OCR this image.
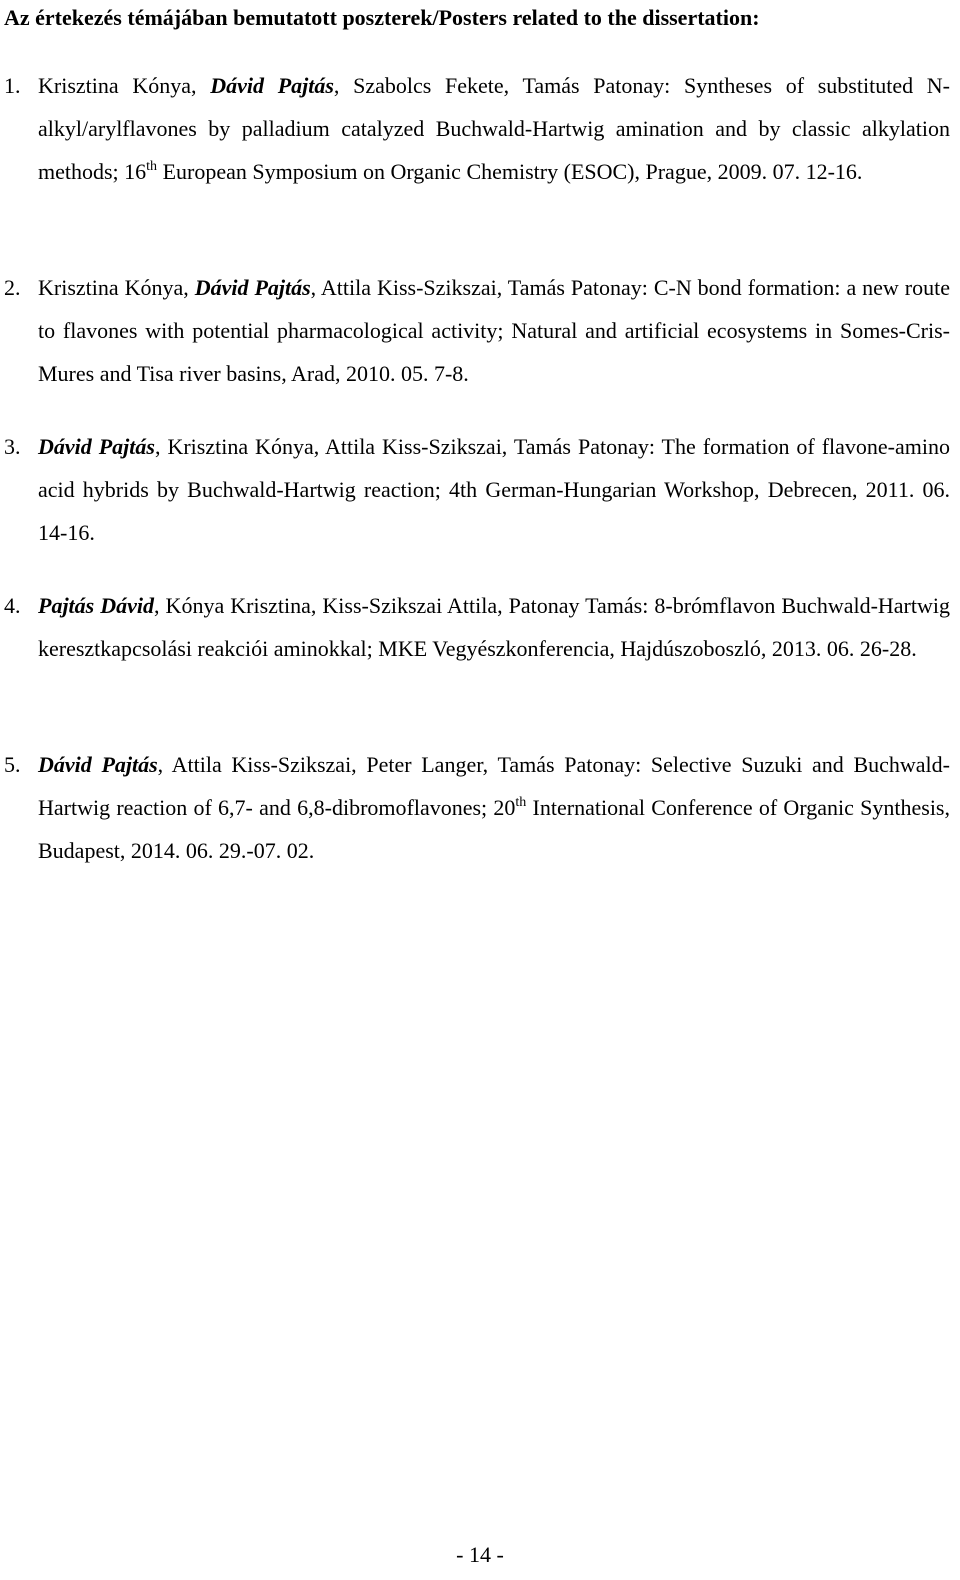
Az értekezés témájában bemutatott poszterek/Posters related to the dissertation:
1. Krisztina Kónya, Dávid Pajtás, Szabolcs Fekete, Tamás Patonay: Syntheses of substituted N-alkyl/arylflavones by palladium catalyzed Buchwald-Hartwig amination and by classic alkylation methods; 16th European Symposium on Organic Chemistry (ESOC), Prague, 2009. 07. 12-16.
2. Krisztina Kónya, Dávid Pajtás, Attila Kiss-Szikszai, Tamás Patonay: C-N bond formation: a new route to flavones with potential pharmacological activity; Natural and artificial ecosystems in Somes-Cris-Mures and Tisa river basins, Arad, 2010. 05. 7-8.
3. Dávid Pajtás, Krisztina Kónya, Attila Kiss-Szikszai, Tamás Patonay: The formation of flavone-amino acid hybrids by Buchwald-Hartwig reaction; 4th German-Hungarian Workshop, Debrecen, 2011. 06. 14-16.
4. Pajtás Dávid, Kónya Krisztina, Kiss-Szikszai Attila, Patonay Tamás: 8-brómflavon Buchwald-Hartwig keresztkapcsolási reakciói aminokkal; MKE Vegyészkonferencia, Hajdúszoboszló, 2013. 06. 26-28.
5. Dávid Pajtás, Attila Kiss-Szikszai, Peter Langer, Tamás Patonay: Selective Suzuki and Buchwald-Hartwig reaction of 6,7- and 6,8-dibromoflavones; 20th International Conference of Organic Synthesis, Budapest, 2014. 06. 29.-07. 02.
- 14 -
